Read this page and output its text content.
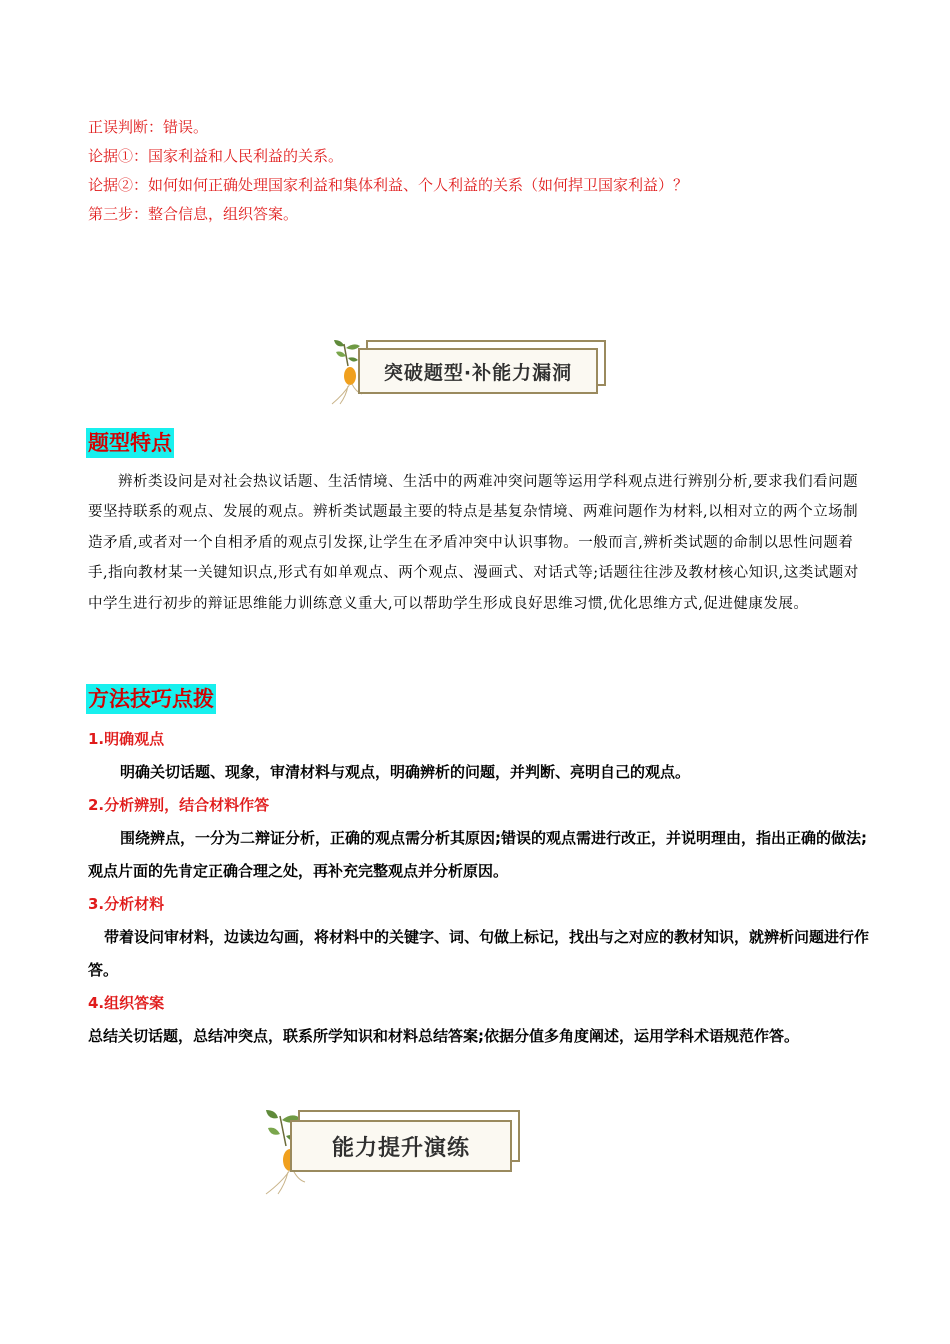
正误判断：错误。
论据①：国家利益和人民利益的关系。
论据②：如何如何正确处理国家利益和集体利益、个人利益的关系（如何捍卫国家利益）？
第三步：整合信息，组织答案。
突破题型·补能力漏洞
题型特点
辨析类设问是对社会热议话题、生活情境、生活中的两难冲突问题等运用学科观点进行辨别分析,要求我们看问题要坚持联系的观点、发展的观点。辨析类试题最主要的特点是基复杂情境、两难问题作为材料,以相对立的两个立场制造矛盾,或者对一个自相矛盾的观点引发探,让学生在矛盾冲突中认识事物。一般而言,辨析类试题的命制以思性问题着手,指向教材某一关键知识点,形式有如单观点、两个观点、漫画式、对话式等;话题往往涉及教材核心知识,这类试题对中学生进行初步的辩证思维能力训练意义重大,可以帮助学生形成良好思维习惯,优化思维方式,促进健康发展。
方法技巧点拨
1.明确观点
明确关切话题、现象，审清材料与观点，明确辨析的问题，并判断、亮明自己的观点。
2.分析辨别，结合材料作答
围绕辨点，一分为二辩证分析，正确的观点需分析其原因;错误的观点需进行改正，并说明理由，指出正确的做法;观点片面的先肯定正确合理之处，再补充完整观点并分析原因。
3.分析材料
带着设问审材料，边读边勾画，将材料中的关键字、词、句做上标记，找出与之对应的教材知识，就辨析问题进行作答。
4.组织答案
总结关切话题，总结冲突点，联系所学知识和材料总结答案;依据分值多角度阐述，运用学科术语规范作答。
能力提升演练
